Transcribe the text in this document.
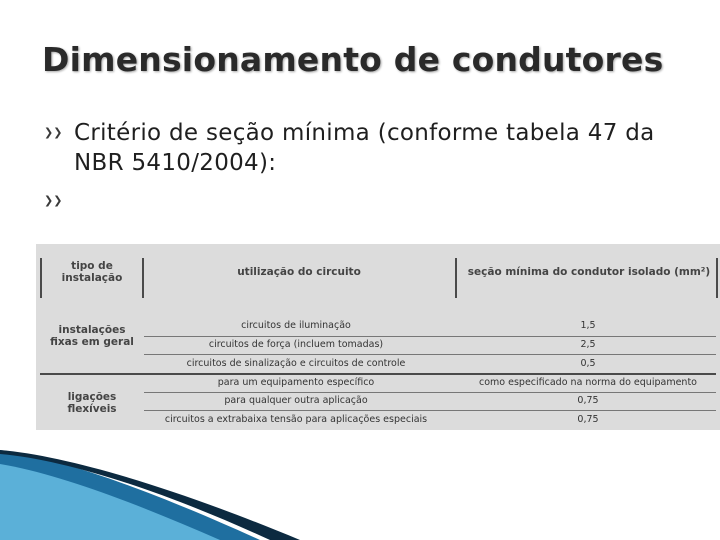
Dimensionamento de condutores
❯❯ Critério de seção mínima (conforme tabela 47 da NBR 5410/2004):
❯❯
tipo de instalação	utilização do circuito	seção mínima do condutor isolado (mm²)
instalações fixas em geral
circuitos de iluminação	1,5
circuitos de força (incluem tomadas)	2,5
circuitos de sinalização e circuitos de controle	0,5
ligações flexíveis
para um equipamento específico	como especificado na norma do equipamento
para qualquer outra aplicação	0,75
circuitos a extrabaixa tensão para aplicações especiais	0,75
